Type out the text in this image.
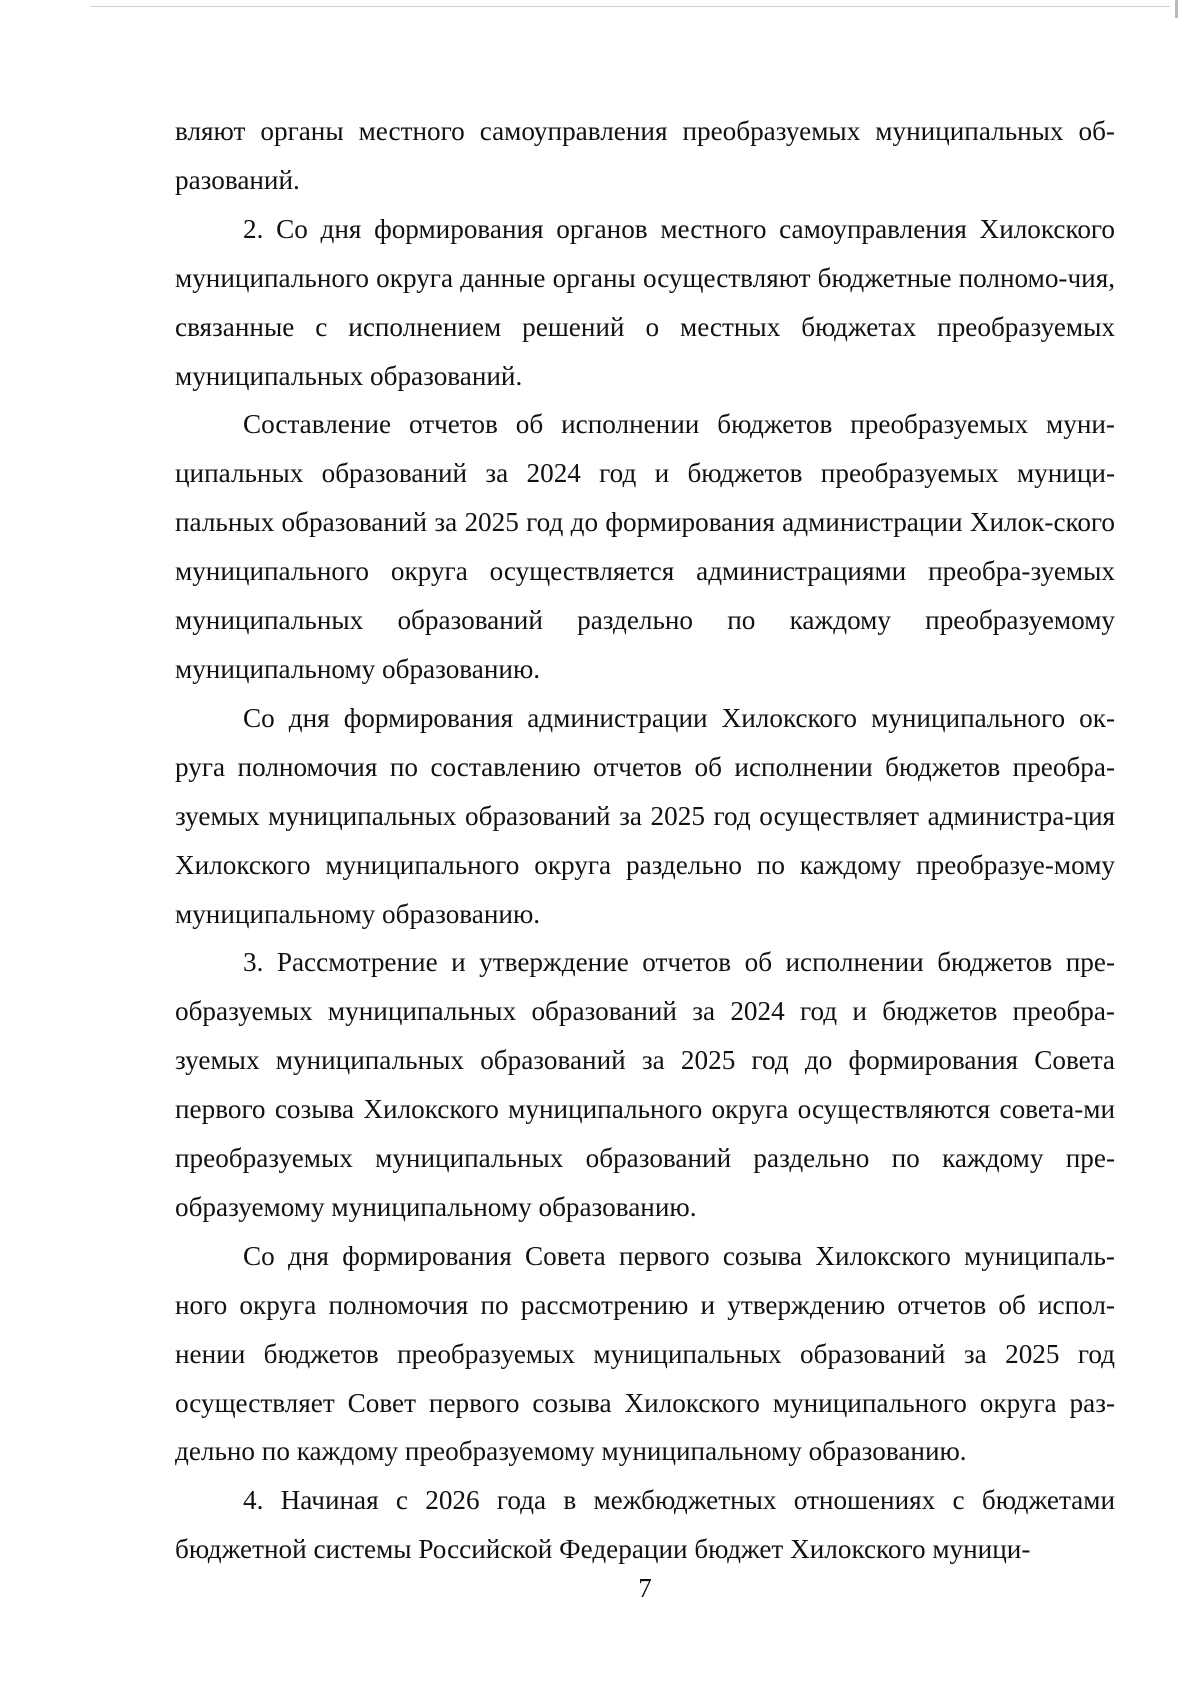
вляют органы местного самоуправления преобразуемых муниципальных об-разований.

2. Со дня формирования органов местного самоуправления Хилокского муниципального округа данные органы осуществляют бюджетные полномо-чия, связанные с исполнением решений о местных бюджетах преобразуемых муниципальных образований.

Составление отчетов об исполнении бюджетов преобразуемых муни-ципальных образований за 2024 год и бюджетов преобразуемых муници-пальных образований за 2025 год до формирования администрации Хилок-ского муниципального округа осуществляется администрациями преобра-зуемых муниципальных образований раздельно по каждому преобразуемому муниципальному образованию.

Со дня формирования администрации Хилокского муниципального ок-руга полномочия по составлению отчетов об исполнении бюджетов преобра-зуемых муниципальных образований за 2025 год осуществляет администра-ция Хилокского муниципального округа раздельно по каждому преобразуе-мому муниципальному образованию.

3. Рассмотрение и утверждение отчетов об исполнении бюджетов пре-образуемых муниципальных образований за 2024 год и бюджетов преобра-зуемых муниципальных образований за 2025 год до формирования Совета первого созыва Хилокского муниципального округа осуществляются совета-ми преобразуемых муниципальных образований раздельно по каждому пре-образуемому муниципальному образованию.

Со дня формирования Совета первого созыва Хилокского муниципаль-ного округа полномочия по рассмотрению и утверждению отчетов об испол-нении бюджетов преобразуемых муниципальных образований за 2025 год осуществляет Совет первого созыва Хилокского муниципального округа раз-дельно по каждому преобразуемому муниципальному образованию.

4. Начиная с 2026 года в межбюджетных отношениях с бюджетами бюджетной системы Российской Федерации бюджет Хилокского муници-

7
